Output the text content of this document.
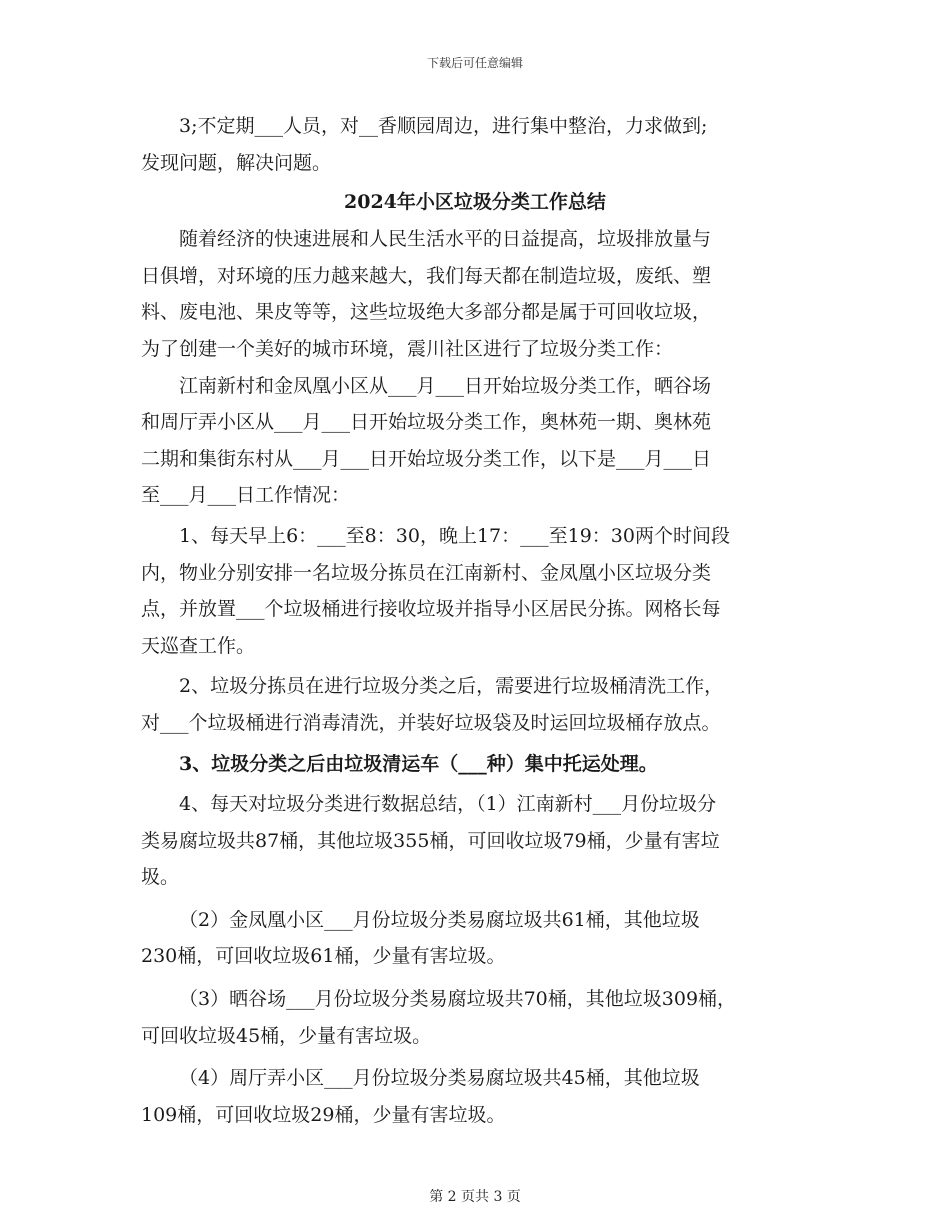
下载后可任意编辑

3;不定期___人员，对__香顺园周边，进行集中整治，力求做到;
发现问题，解决问题。

2024年小区垃圾分类工作总结

随着经济的快速进展和人民生活水平的日益提高，垃圾排放量与
日俱增，对环境的压力越来越大，我们每天都在制造垃圾，废纸、塑
料、废电池、果皮等等，这些垃圾绝大多部分都是属于可回收垃圾，
为了创建一个美好的城市环境，震川社区进行了垃圾分类工作：

江南新村和金凤凰小区从___月___日开始垃圾分类工作，晒谷场
和周厅弄小区从___月___日开始垃圾分类工作，奥林苑一期、奥林苑
二期和集街东村从___月___日开始垃圾分类工作，以下是___月___日
至___月___日工作情况：

1、每天早上6：___至8：30，晚上17：___至19：30两个时间段
内，物业分别安排一名垃圾分拣员在江南新村、金凤凰小区垃圾分类
点，并放置___个垃圾桶进行接收垃圾并指导小区居民分拣。网格长每
天巡查工作。

2、垃圾分拣员在进行垃圾分类之后，需要进行垃圾桶清洗工作，
对___个垃圾桶进行消毒清洗，并装好垃圾袋及时运回垃圾桶存放点。

3、垃圾分类之后由垃圾清运车（___种）集中托运处理。

4、每天对垃圾分类进行数据总结，（1）江南新村___月份垃圾分
类易腐垃圾共87桶，其他垃圾355桶，可回收垃圾79桶，少量有害垃
圾。

（2）金凤凰小区___月份垃圾分类易腐垃圾共61桶，其他垃圾
230桶，可回收垃圾61桶，少量有害垃圾。

（3）晒谷场___月份垃圾分类易腐垃圾共70桶，其他垃圾309桶，
可回收垃圾45桶，少量有害垃圾。

（4）周厅弄小区___月份垃圾分类易腐垃圾共45桶，其他垃圾
109桶，可回收垃圾29桶，少量有害垃圾。

第 2 页共 3 页
